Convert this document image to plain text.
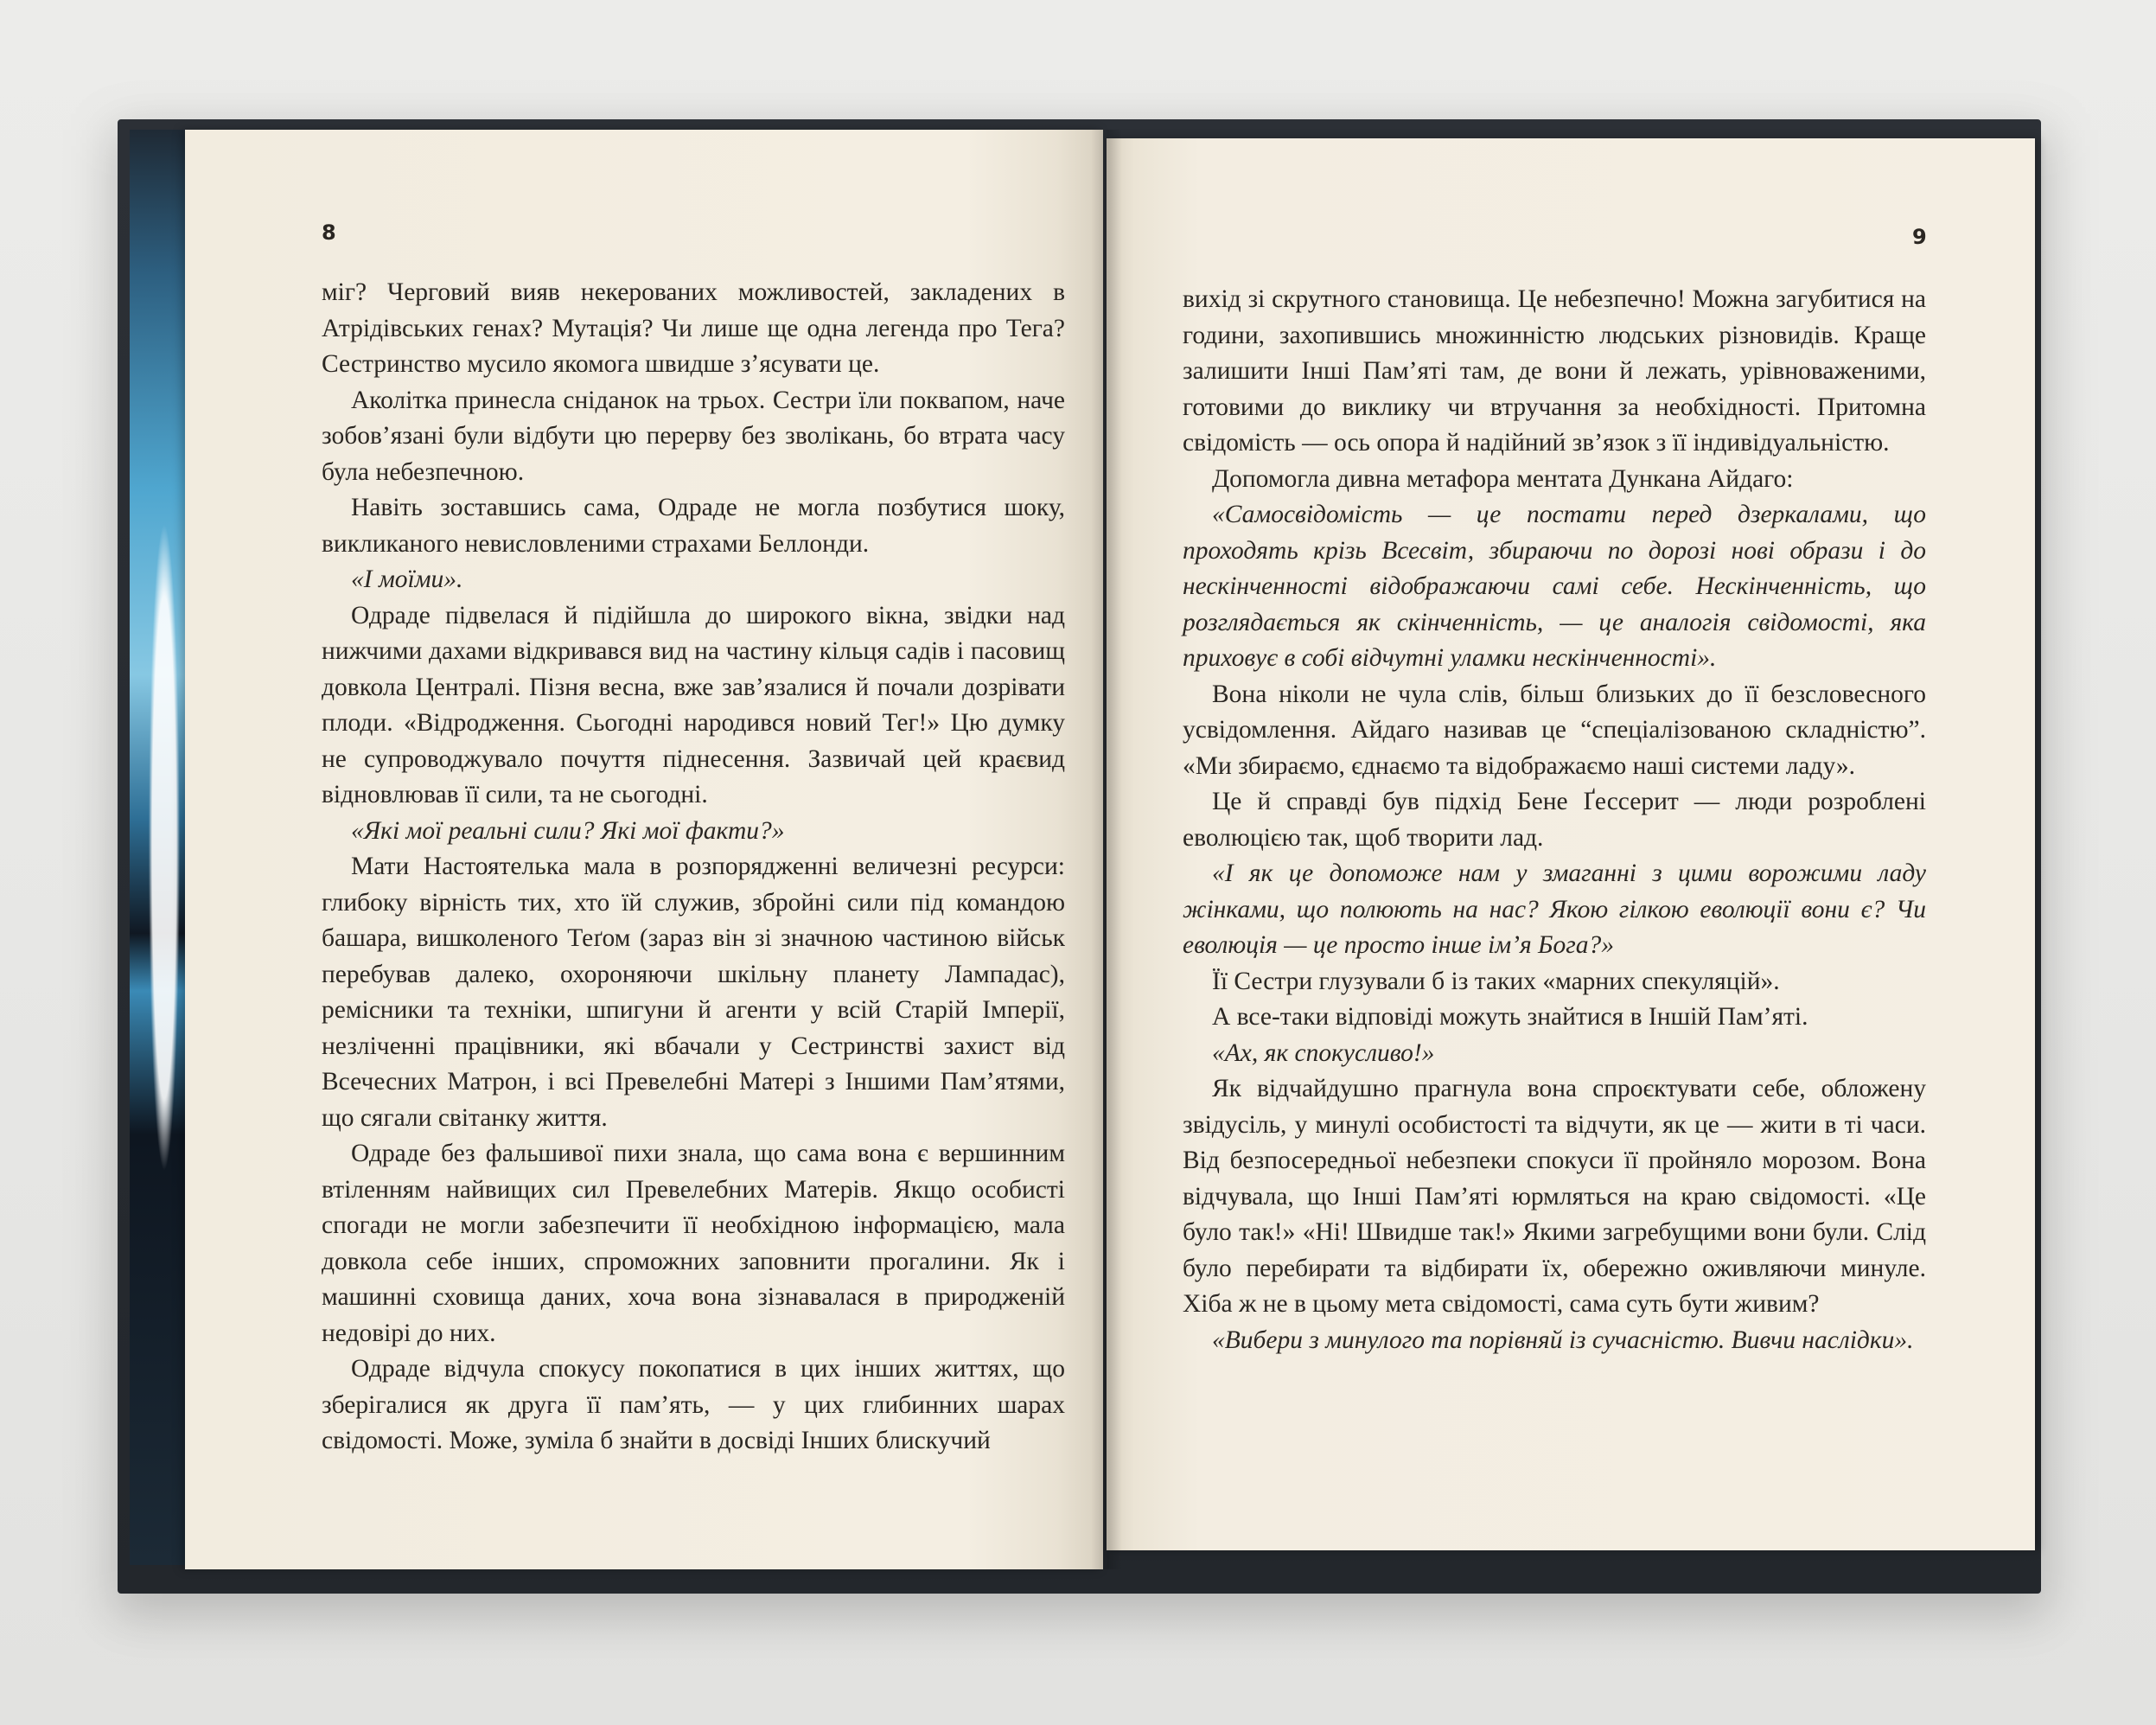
8

міг? Черговий вияв некерованих можливостей, закладених в Атрідівських генах? Мутація? Чи лише ще одна легенда про Тега? Сестринство мусило якомога швидше з’ясувати це.

Аколітка принесла сніданок на трьох. Сестри їли поквапом, наче зобов’язані були відбути цю перерву без зволікань, бо втрата часу була небезпечною.

Навіть зоставшись сама, Одраде не могла позбутися шоку, викликаного невисловленими страхами Беллонди.

«І моїми».

Одраде підвелася й підійшла до широкого вікна, звідки над нижчими дахами відкривався вид на частину кільця садів і пасовищ довкола Централі. Пізня весна, вже зав’язалися й почали дозрівати плоди. «Відродження. Сьогодні народився новий Тег!» Цю думку не супроводжувало почуття піднесення. Зазвичай цей краєвид відновлював її сили, та не сьогодні.

«Які мої реальні сили? Які мої факти?»

Мати Настоятелька мала в розпорядженні величезні ресурси: глибоку вірність тих, хто їй служив, збройні сили під командою башара, вишколеного Теґом (зараз він зі значною частиною військ перебував далеко, охороняючи шкільну планету Лампадас), ремісники та техніки, шпигуни й агенти у всій Старій Імперії, незліченні працівники, які вбачали у Сестринстві захист від Всечесних Матрон, і всі Превелебні Матері з Іншими Пам’ятями, що сягали світанку життя.

Одраде без фальшивої пихи знала, що сама вона є вершинним втіленням найвищих сил Превелебних Матерів. Якщо особисті спогади не могли забезпечити її необхідною інформацією, мала довкола себе інших, спроможних заповнити прогалини. Як і машинні сховища даних, хоча вона зізнавалася в природженій недовірі до них.

Одраде відчула спокусу покопатися в цих інших життях, що зберігалися як друга її пам’ять, — у цих глибинних шарах свідомості. Може, зуміла б знайти в досвіді Інших блискучий

9

вихід зі скрутного становища. Це небезпечно! Можна загубитися на години, захопившись множинністю людських різновидів. Краще залишити Інші Пам’яті там, де вони й лежать, урівноваженими, готовими до виклику чи втручання за необхідності. Притомна свідомість — ось опора й надійний зв’язок з її індивідуальністю.

Допомогла дивна метафора ментата Дункана Айдаго:

«Самосвідомість — це постати перед дзеркалами, що проходять крізь Всесвіт, збираючи по дорозі нові образи і до нескінченності відображаючи самі себе. Нескінченність, що розглядається як скінченність, — це аналогія свідомості, яка приховує в собі відчутні уламки нескінченності».

Вона ніколи не чула слів, більш близьких до її безсловесного усвідомлення. Айдаго називав це “спеціалізованою складністю”. «Ми збираємо, єднаємо та відображаємо наші системи ладу».

Це й справді був підхід Бене Ґессерит — люди розроблені еволюцією так, щоб творити лад.

«І як це допоможе нам у змаганні з цими ворожими ладу жінками, що полюють на нас? Якою гілкою еволюції вони є? Чи еволюція — це просто інше ім’я Бога?»

Її Сестри глузували б із таких «марних спекуляцій».

А все-таки відповіді можуть знайтися в Іншій Пам’яті.

«Ах, як спокусливо!»

Як відчайдушно прагнула вона спроєктувати себе, обложену звідусіль, у минулі особистості та відчути, як це — жити в ті часи. Від безпосередньої небезпеки спокуси її пройняло морозом. Вона відчувала, що Інші Пам’яті юрмляться на краю свідомості. «Це було так!» «Ні! Швидше так!» Якими загребущими вони були. Слід було перебирати та відбирати їх, обережно оживляючи минуле. Хіба ж не в цьому мета свідомості, сама суть бути живим?

«Вибери з минулого та порівняй із сучасністю. Вивчи наслідки».
